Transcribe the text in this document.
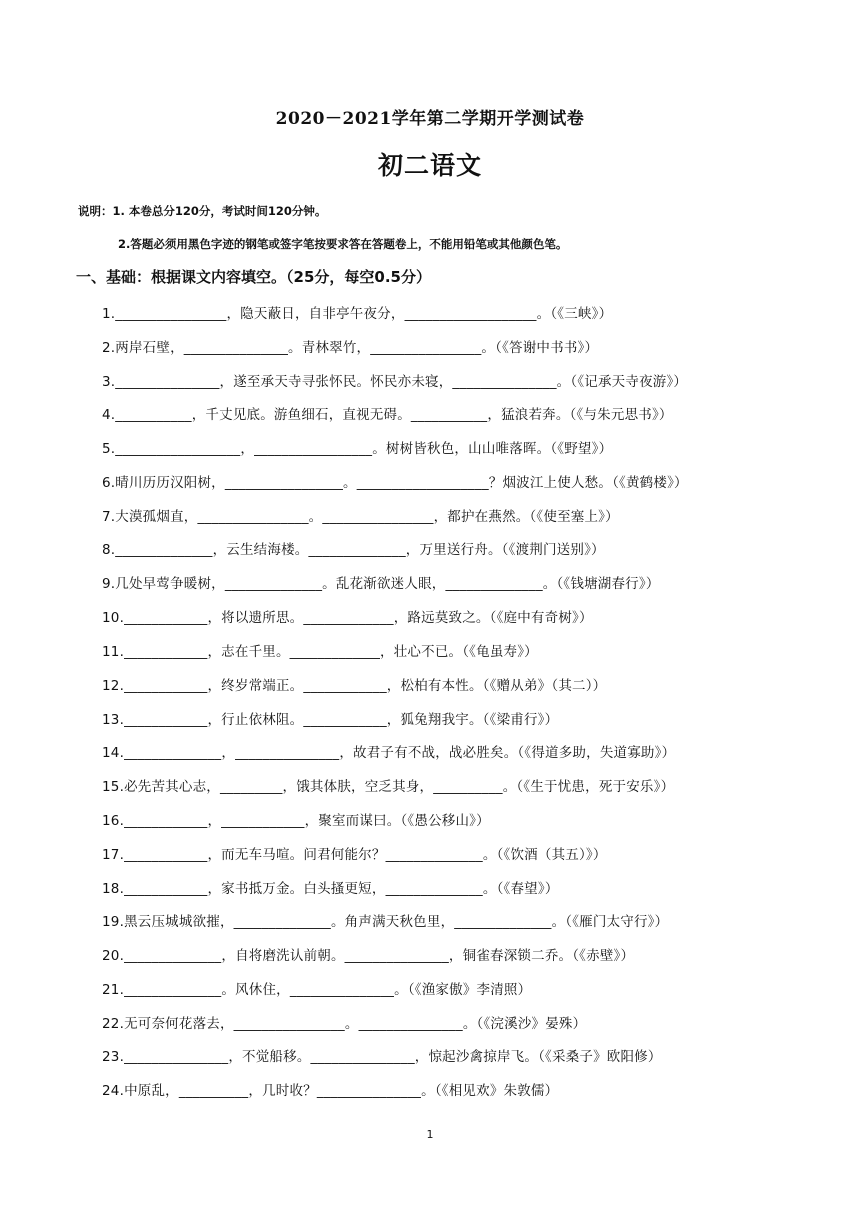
2020－2021学年第二学期开学测试卷
初二语文
说明：1. 本卷总分120分，考试时间120分钟。
2.答题必须用黑色字迹的钢笔或签字笔按要求答在答题卷上，不能用铅笔或其他颜色笔。
一、基础：根据课文内容填空。（25分，每空0.5分）
1.________________，隐天蔽日，自非亭午夜分，___________________。（《三峡》）
2.两岸石壁，_______________。青林翠竹，________________。（《答谢中书书》）
3._______________，遂至承天寺寻张怀民。怀民亦未寝，_______________。（《记承天寺夜游》）
4.___________，千丈见底。游鱼细石，直视无碍。___________，猛浪若奔。（《与朱元思书》）
5.__________________，_________________。树树皆秋色，山山唯落晖。（《野望》）
6.晴川历历汉阳树，_________________。___________________？烟波江上使人愁。（《黄鹤楼》）
7.大漠孤烟直，________________。________________，都护在燕然。（《使至塞上》）
8.______________，云生结海楼。______________，万里送行舟。（《渡荆门送别》）
9.几处早莺争暖树，______________。乱花渐欲迷人眼，______________。（《钱塘湖春行》）
10.____________，将以遗所思。_____________，路远莫致之。（《庭中有奇树》）
11.____________，志在千里。_____________，壮心不已。（《龟虽寿》）
12.____________，终岁常端正。____________，松柏有本性。（《赠从弟》（其二））
13.____________，行止依林阻。____________，狐兔翔我宇。（《梁甫行》）
14.______________，_______________，故君子有不战，战必胜矣。（《得道多助，失道寡助》）
15.必先苦其心志，_________，饿其体肤，空乏其身，__________。（《生于忧患，死于安乐》）
16.____________，____________，聚室而谋曰。（《愚公移山》）
17.____________，而无车马喧。问君何能尔？______________。（《饮酒（其五）》）
18.____________，家书抵万金。白头搔更短，______________。（《春望》）
19.黑云压城城欲摧，______________。角声满天秋色里，______________。（《雁门太守行》）
20.______________，自将磨洗认前朝。_______________，铜雀春深锁二乔。（《赤壁》）
21.______________。风休住，_______________。（《渔家傲》李清照）
22.无可奈何花落去，________________。_______________。（《浣溪沙》晏殊）
23._______________，不觉船移。_______________，惊起沙禽掠岸飞。（《采桑子》欧阳修）
24.中原乱，__________，几时收？_______________。（《相见欢》朱敦儒）
1
